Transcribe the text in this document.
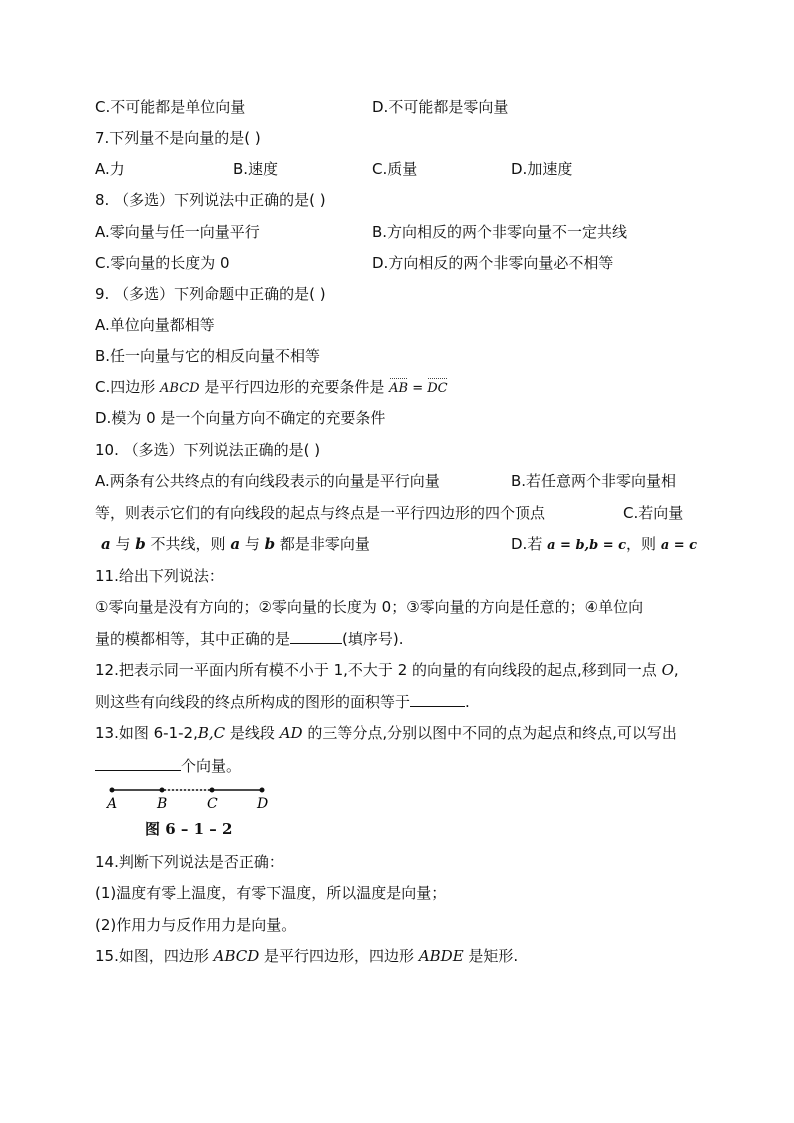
C.不可能都是单位向量	D.不可能都是零向量
7.下列量不是向量的是( )
A.力	B.速度	C.质量	D.加速度
8. （多选）下列说法中正确的是( )
A.零向量与任一向量平行	B.方向相反的两个非零向量不一定共线
C.零向量的长度为 0	D.方向相反的两个非零向量必不相等
9. （多选）下列命题中正确的是( )
A.单位向量都相等
B.任一向量与它的相反向量不相等
C.四边形 ABCD 是平行四边形的充要条件是 AB = DC
D.模为 0 是一个向量方向不确定的充要条件
10. （多选）下列说法正确的是( )
A.两条有公共终点的有向线段表示的向量是平行向量	B.若任意两个非零向量相
等，则表示它们的有向线段的起点与终点是一平行四边形的四个顶点	C.若向量
a 与 b 不共线，则 a 与 b 都是非零向量	D.若 a = b,b = c，则 a = c
11.给出下列说法：
①零向量是没有方向的；②零向量的长度为 0；③零向量的方向是任意的；④单位向
量的模都相等，其中正确的是	(填序号).
12.把表示同一平面内所有模不小于 1,不大于 2 的向量的有向线段的起点,移到同一点 O,
则这些有向线段的终点所构成的图形的面积等于	.
13.如图 6-1-2,B,C 是线段 AD 的三等分点,分别以图中不同的点为起点和终点,可以写出
个向量。
A	B	C	D
图 6 – 1 – 2
14.判断下列说法是否正确：
(1)温度有零上温度，有零下温度，所以温度是向量；
(2)作用力与反作用力是向量。
15.如图，四边形 ABCD 是平行四边形，四边形 ABDE 是矩形.
